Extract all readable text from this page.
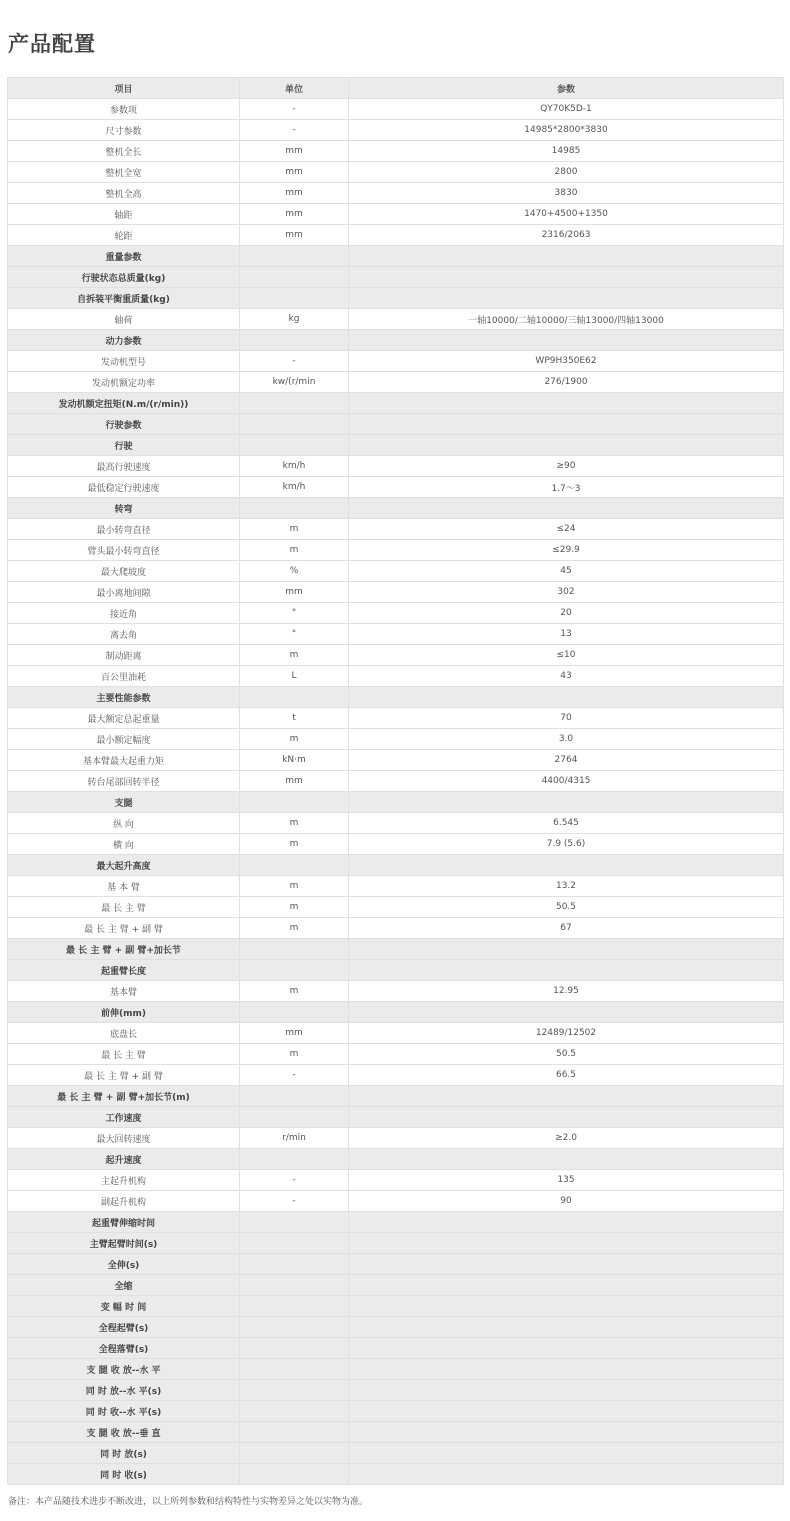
产品配置
项目	单位	参数
参数项	-	QY70K5D-1
尺寸参数	-	14985*2800*3830
整机全长	mm	14985
整机全宽	mm	2800
整机全高	mm	3830
轴距	mm	1470+4500+1350
轮距	mm	2316/2063
重量参数		
行驶状态总质量(kg)		
自拆装平衡重质量(kg)		
轴荷	kg	一轴10000/二轴10000/三轴13000/四轴13000
动力参数		
发动机型号	-	WP9H350E62
发动机额定功率	kw/(r/min	276/1900
发动机额定扭矩(N.m/(r/min))		
行驶参数		
行驶		
最高行驶速度	km/h	≥90
最低稳定行驶速度	km/h	1.7～3
转弯		
最小转弯直径	m	≤24
臂头最小转弯直径	m	≤29.9
最大爬坡度	%	45
最小离地间隙	mm	302
接近角	°	20
离去角	°	13
制动距离	m	≤10
百公里油耗	L	43
主要性能参数		
最大额定总起重量	t	70
最小额定幅度	m	3.0
基本臂最大起重力矩	kN·m	2764
转台尾部回转半径	mm	4400/4315
支腿		
纵 向	m	6.545
横 向	m	7.9 (5.6)
最大起升高度		
基 本 臂	m	13.2
最 长 主 臂	m	50.5
最 长 主 臂 + 副 臂	m	67
最 长 主 臂 + 副 臂+加长节		
起重臂长度		
基本臂	m	12.95
前伸(mm)		
底盘长	mm	12489/12502
最 长 主 臂	m	50.5
最 长 主 臂 + 副 臂	-	66.5
最 长 主 臂 + 副 臂+加长节(m)		
工作速度		
最大回转速度	r/min	≥2.0
起升速度		
主起升机构	-	135
副起升机构	-	90
起重臂伸缩时间		
主臂起臂时间(s)		
全伸(s)		
全缩		
变 幅 时 间		
全程起臂(s)		
全程落臂(s)		
支 腿 收 放--水 平		
同 时 放--水 平(s)		
同 时 收--水 平(s)		
支 腿 收 放--垂 直		
同 时 放(s)		
同 时 收(s)		
备注：本产品随技术进步不断改进，以上所列参数和结构特性与实物差异之处以实物为准。
